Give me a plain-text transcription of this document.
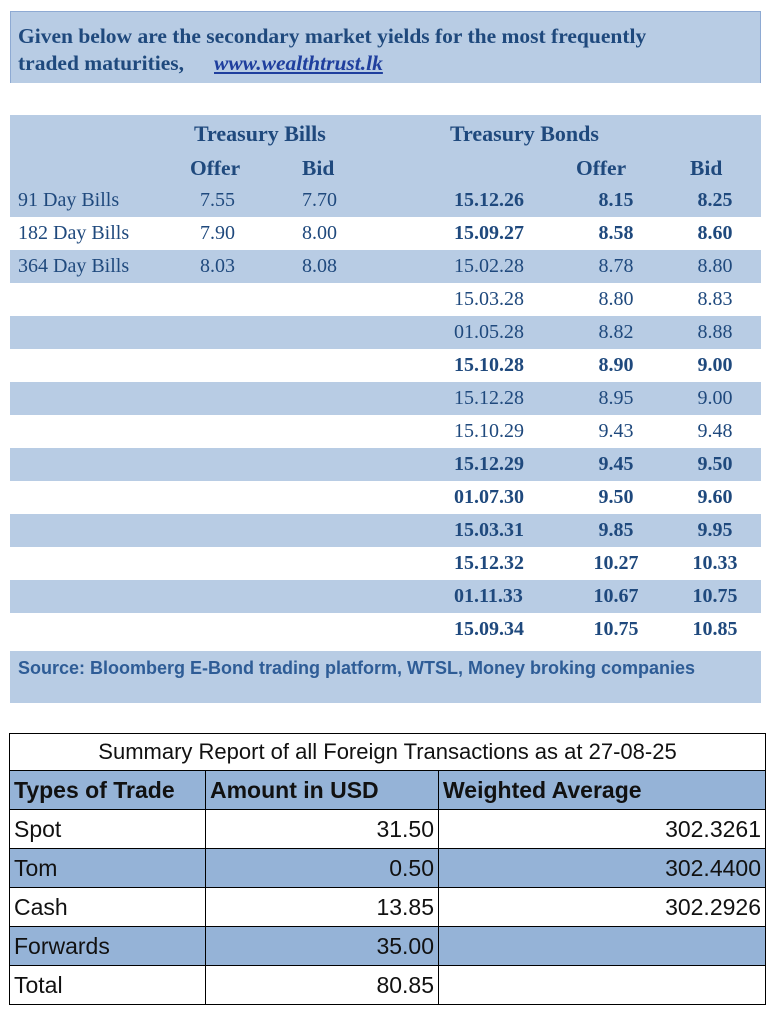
Given below are the secondary market yields for the most frequently
traded maturities, www.wealthtrust.lk
Treasury Bills	Treasury Bonds
Offer	Bid	Offer	Bid
91 Day Bills	7.55	7.70	15.12.26	8.15	8.25
182 Day Bills	7.90	8.00	15.09.27	8.58	8.60
364 Day Bills	8.03	8.08	15.02.28	8.78	8.80
15.03.28	8.80	8.83
01.05.28	8.82	8.88
15.10.28	8.90	9.00
15.12.28	8.95	9.00
15.10.29	9.43	9.48
15.12.29	9.45	9.50
01.07.30	9.50	9.60
15.03.31	9.85	9.95
15.12.32	10.27	10.33
01.11.33	10.67	10.75
15.09.34	10.75	10.85
Source: Bloomberg E-Bond trading platform, WTSL, Money broking companies
Summary Report of all Foreign Transactions as at 27-08-25		
Types of Trade	Amount in USD	Weighted Average
Spot	31.50	302.3261
Tom	0.50	302.4400
Cash	13.85	302.2926
Forwards	35.00	
Total	80.85	
